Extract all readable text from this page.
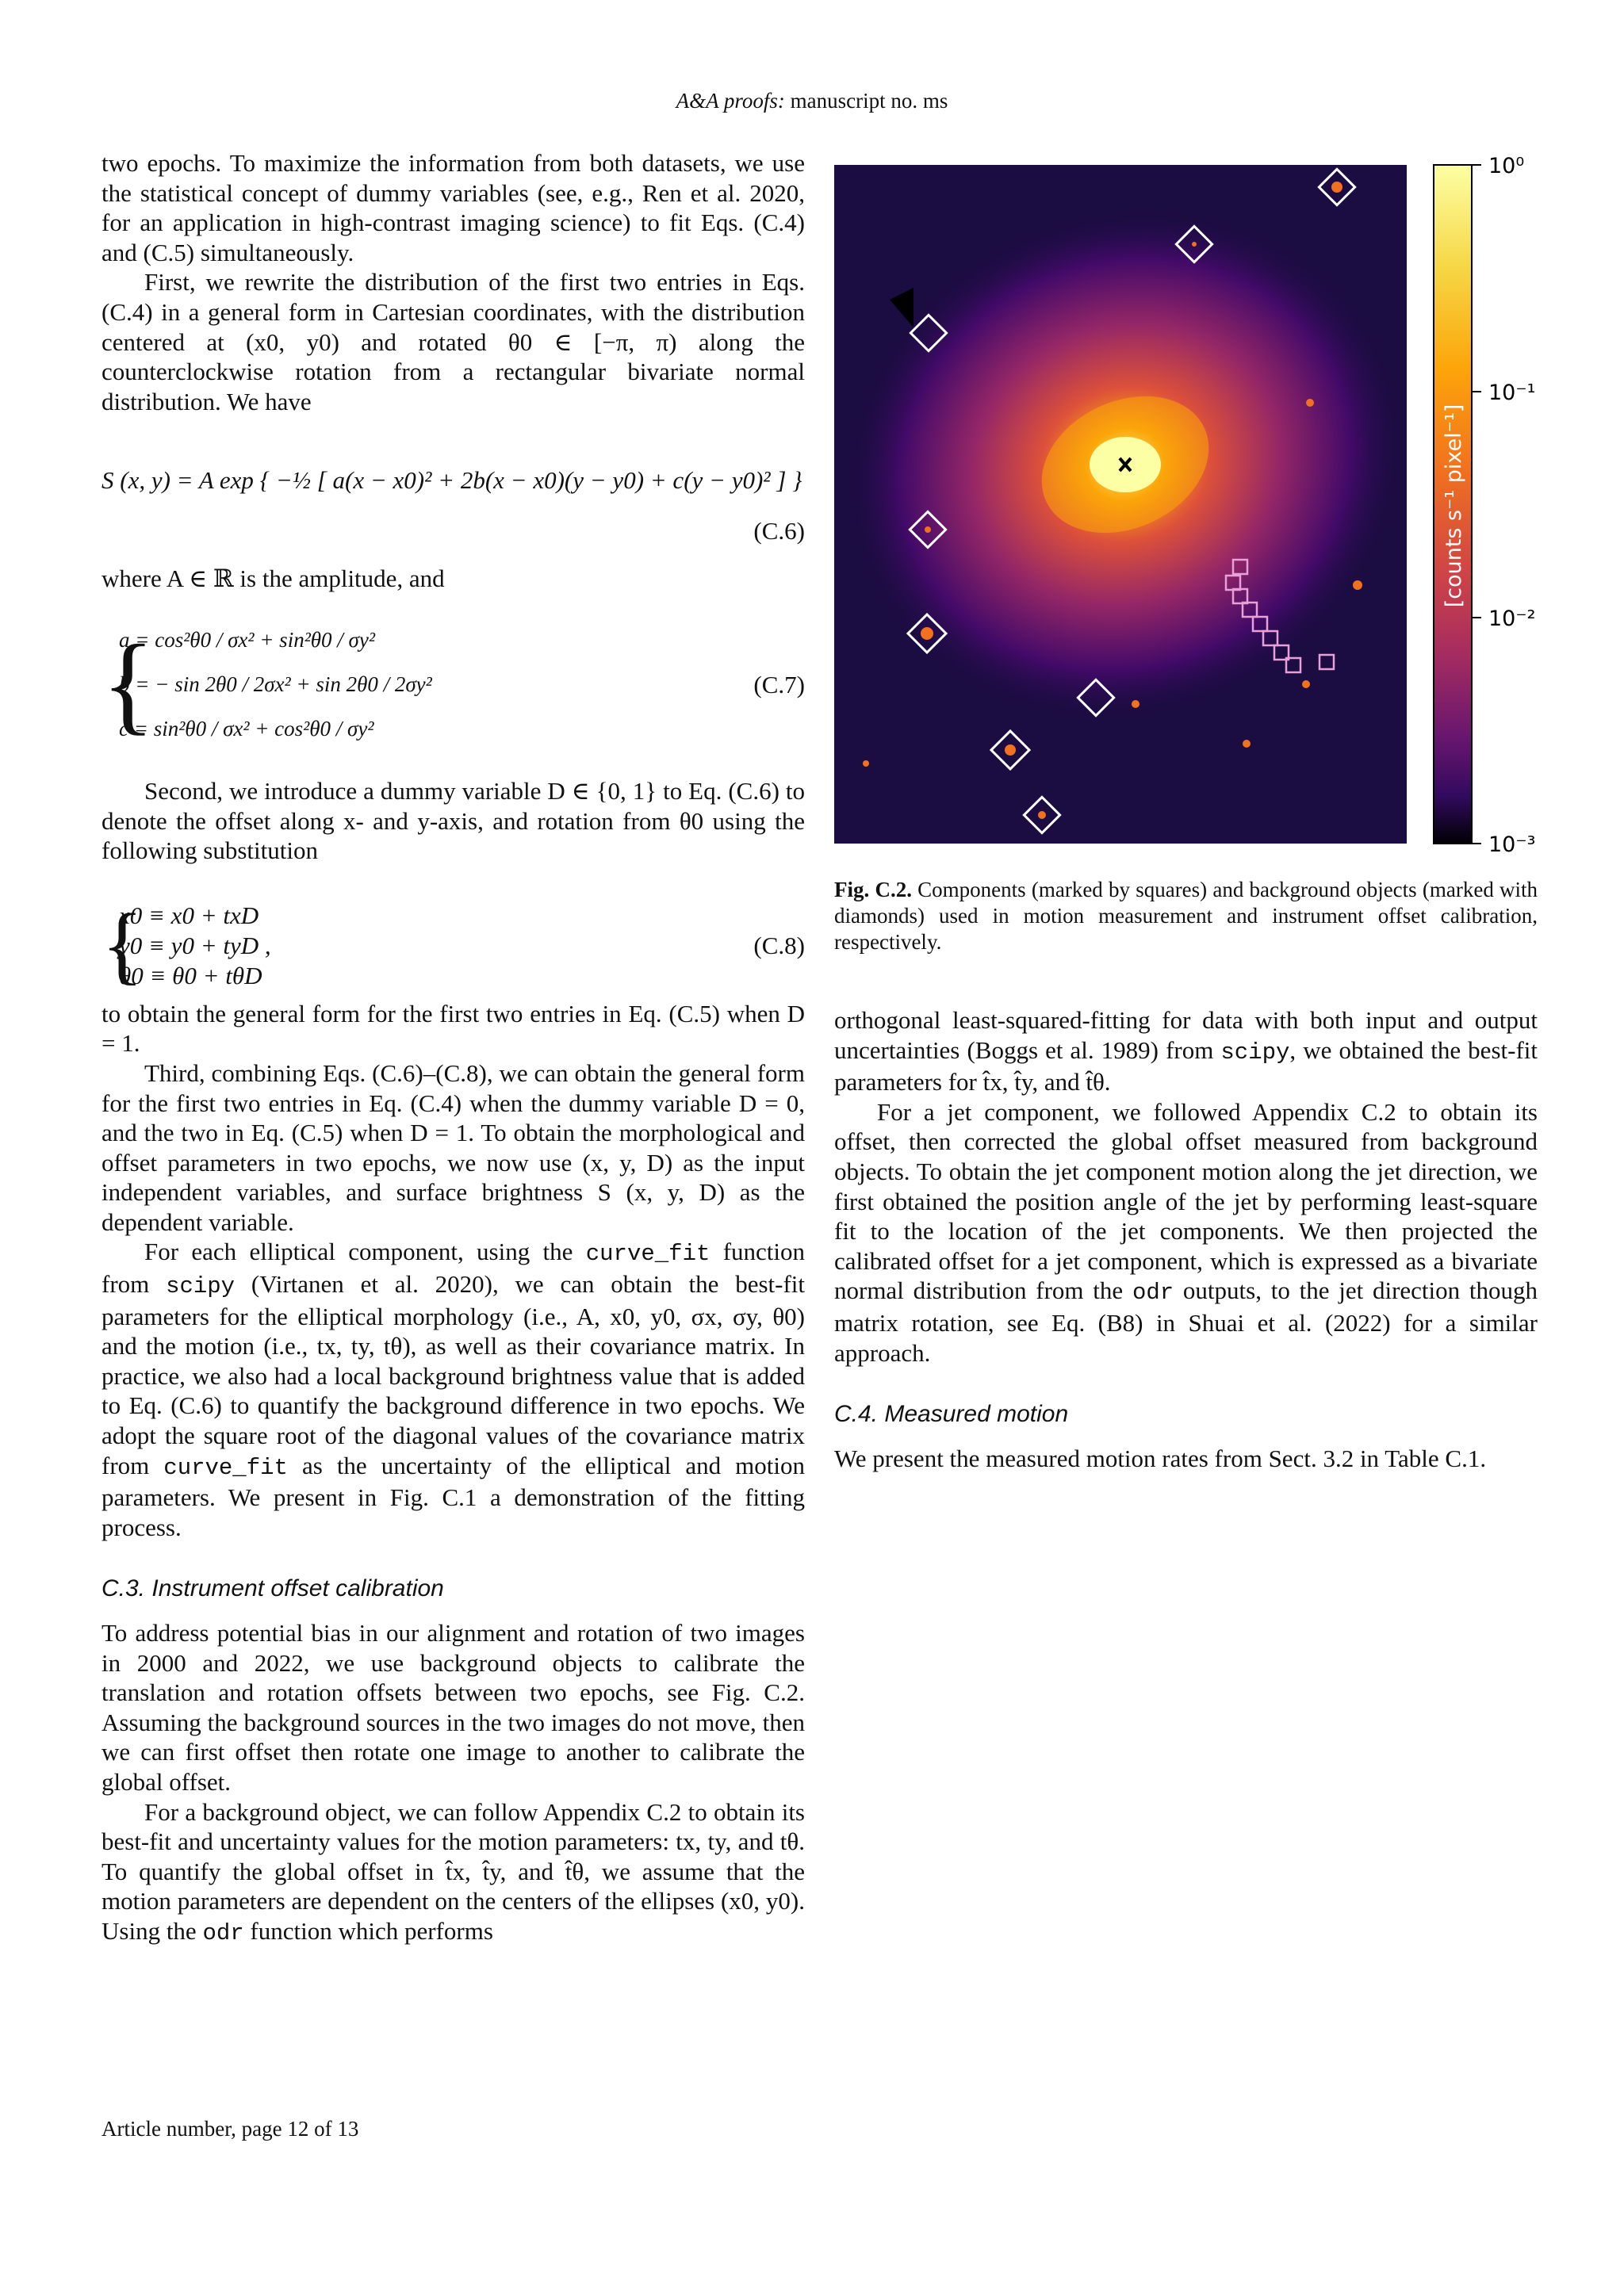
A&A proofs: manuscript no. ms

two epochs. To maximize the information from both datasets, we use the statistical concept of dummy variables (see, e.g., Ren et al. 2020, for an application in high-contrast imaging science) to fit Eqs. (C.4) and (C.5) simultaneously.

First, we rewrite the distribution of the first two entries in Eqs. (C.4) in a general form in Cartesian coordinates, with the distribution centered at (x0, y0) and rotated θ0 ∈ [−π, π) along the counterclockwise rotation from a rectangular bivariate normal distribution. We have

S (x, y) = A exp { −½ [ a(x − x0)² + 2b(x − x0)(y − y0) + c(y − y0)² ] }
(C.6)

where A ∈ ℝ is the amplitude, and

{
a = cos²θ0 / σx² + sin²θ0 / σy²
b = − sin 2θ0 / 2σx² + sin 2θ0 / 2σy²
c = sin²θ0 / σx² + cos²θ0 / σy²
(C.7)

Second, we introduce a dummy variable D ∈ {0, 1} to Eq. (C.6) to denote the offset along x- and y-axis, and rotation from θ0 using the following substitution

{
x0 ≡ x0 + txD
y0 ≡ y0 + tyD ,
θ0 ≡ θ0 + tθD
(C.8)

to obtain the general form for the first two entries in Eq. (C.5) when D = 1.

Third, combining Eqs. (C.6)–(C.8), we can obtain the general form for the first two entries in Eq. (C.4) when the dummy variable D = 0, and the two in Eq. (C.5) when D = 1. To obtain the morphological and offset parameters in two epochs, we now use (x, y, D) as the input independent variables, and surface brightness S (x, y, D) as the dependent variable.

For each elliptical component, using the curve_fit function from scipy (Virtanen et al. 2020), we can obtain the best-fit parameters for the elliptical morphology (i.e., A, x0, y0, σx, σy, θ0) and the motion (i.e., tx, ty, tθ), as well as their covariance matrix. In practice, we also had a local background brightness value that is added to Eq. (C.6) to quantify the background difference in two epochs. We adopt the square root of the diagonal values of the covariance matrix from curve_fit as the uncertainty of the elliptical and motion parameters. We present in Fig. C.1 a demonstration of the fitting process.

C.3. Instrument offset calibration

To address potential bias in our alignment and rotation of two images in 2000 and 2022, we use background objects to calibrate the translation and rotation offsets between two epochs, see Fig. C.2. Assuming the background sources in the two images do not move, then we can first offset then rotate one image to another to calibrate the global offset.

For a background object, we can follow Appendix C.2 to obtain its best-fit and uncertainty values for the motion parameters: tx, ty, and tθ. To quantify the global offset in t̂x, t̂y, and t̂θ, we assume that the motion parameters are dependent on the centers of the ellipses (x0, y0). Using the odr function which performs

10⁰
10⁻¹
10⁻²
10⁻³
[counts s⁻¹ pixel⁻¹]
Fig. C.2. Components (marked by squares) and background objects (marked with diamonds) used in motion measurement and instrument offset calibration, respectively.

orthogonal least-squared-fitting for data with both input and output uncertainties (Boggs et al. 1989) from scipy, we obtained the best-fit parameters for t̂x, t̂y, and t̂θ.

For a jet component, we followed Appendix C.2 to obtain its offset, then corrected the global offset measured from background objects. To obtain the jet component motion along the jet direction, we first obtained the position angle of the jet by performing least-square fit to the location of the jet components. We then projected the calibrated offset for a jet component, which is expressed as a bivariate normal distribution from the odr outputs, to the jet direction though matrix rotation, see Eq. (B8) in Shuai et al. (2022) for a similar approach.

C.4. Measured motion

We present the measured motion rates from Sect. 3.2 in Table C.1.

Article number, page 12 of 13
